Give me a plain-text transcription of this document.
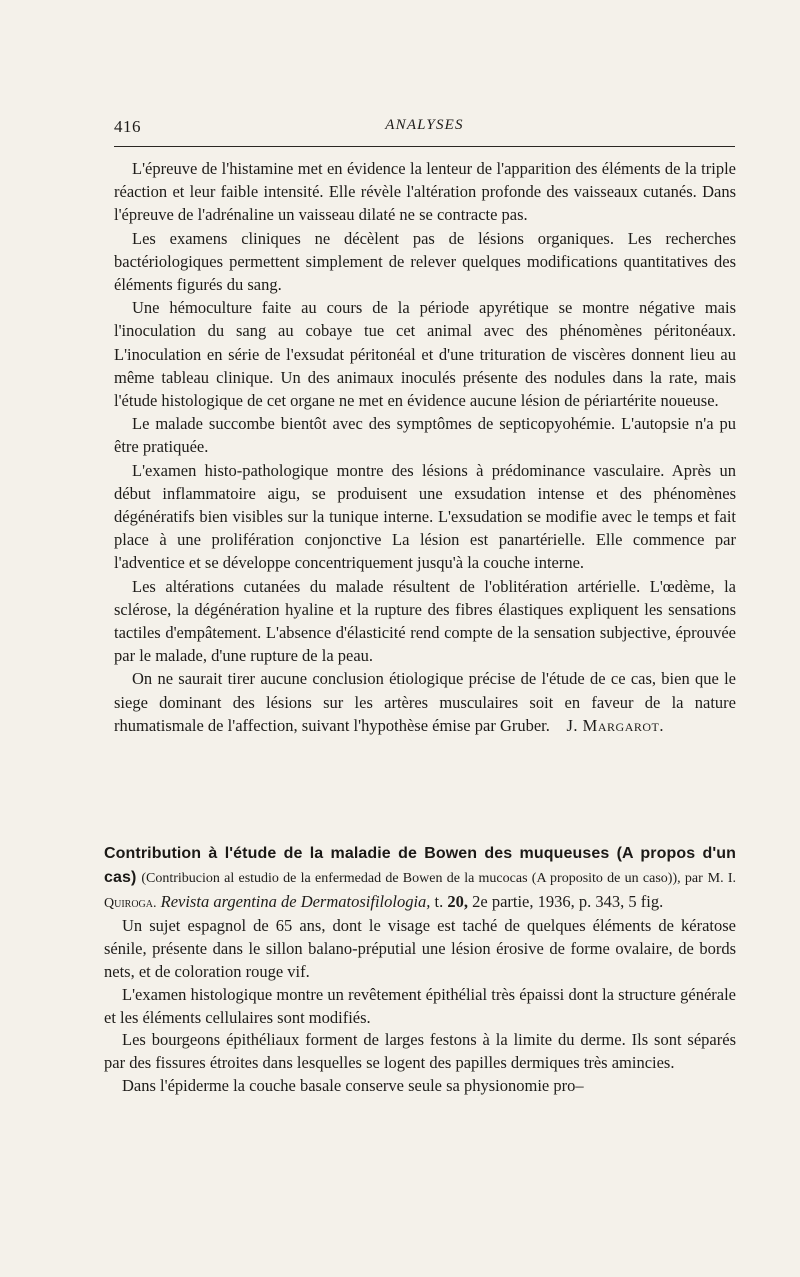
416	ANALYSES

L'épreuve de l'histamine met en évidence la lenteur de l'apparition des éléments de la triple réaction et leur faible intensité. Elle révèle l'altération profonde des vaisseaux cutanés. Dans l'épreuve de l'adrénaline un vaisseau dilaté ne se contracte pas.

Les examens cliniques ne décèlent pas de lésions organiques. Les recherches bactériologiques permettent simplement de relever quelques modifications quantitatives des éléments figurés du sang.

Une hémoculture faite au cours de la période apyrétique se montre négative mais l'inoculation du sang au cobaye tue cet animal avec des phénomènes péritonéaux. L'inoculation en série de l'exsudat péritonéal et d'une trituration de viscères donnent lieu au même tableau clinique. Un des animaux inoculés présente des nodules dans la rate, mais l'étude histologique de cet organe ne met en évidence aucune lésion de périartérite noueuse.

Le malade succombe bientôt avec des symptômes de septicopyohémie. L'autopsie n'a pu être pratiquée.

L'examen histo-pathologique montre des lésions à prédominance vasculaire. Après un début inflammatoire aigu, se produisent une exsudation intense et des phénomènes dégénératifs bien visibles sur la tunique interne. L'exsudation se modifie avec le temps et fait place à une prolifération conjonctive La lésion est panartérielle. Elle commence par l'adventice et se développe concentriquement jusqu'à la couche interne.

Les altérations cutanées du malade résultent de l'oblitération artérielle. L'œdème, la sclérose, la dégénération hyaline et la rupture des fibres élastiques expliquent les sensations tactiles d'empâtement. L'absence d'élasticité rend compte de la sensation subjective, éprouvée par le malade, d'une rupture de la peau.

On ne saurait tirer aucune conclusion étiologique précise de l'étude de ce cas, bien que le siege dominant des lésions sur les artères musculaires soit en faveur de la nature rhumatismale de l'affection, suivant l'hypothèse émise par Gruber. J. Margarot.

Contribution à l'étude de la maladie de Bowen des muqueuses (A propos d'un cas) (Contribucion al estudio de la enfermedad de Bowen de la mucocas (A proposito de un caso)), par M. I. Quiroga. Revista argentina de Dermatosifilologia, t. 20, 2e partie, 1936, p. 343, 5 fig.

Un sujet espagnol de 65 ans, dont le visage est taché de quelques éléments de kératose sénile, présente dans le sillon balano-préputial une lésion érosive de forme ovalaire, de bords nets, et de coloration rouge vif.

L'examen histologique montre un revêtement épithélial très épaissi dont la structure générale et les éléments cellulaires sont modifiés.

Les bourgeons épithéliaux forment de larges festons à la limite du derme. Ils sont séparés par des fissures étroites dans lesquelles se logent des papilles dermiques très amincies.

Dans l'épiderme la couche basale conserve seule sa physionomie pro–
